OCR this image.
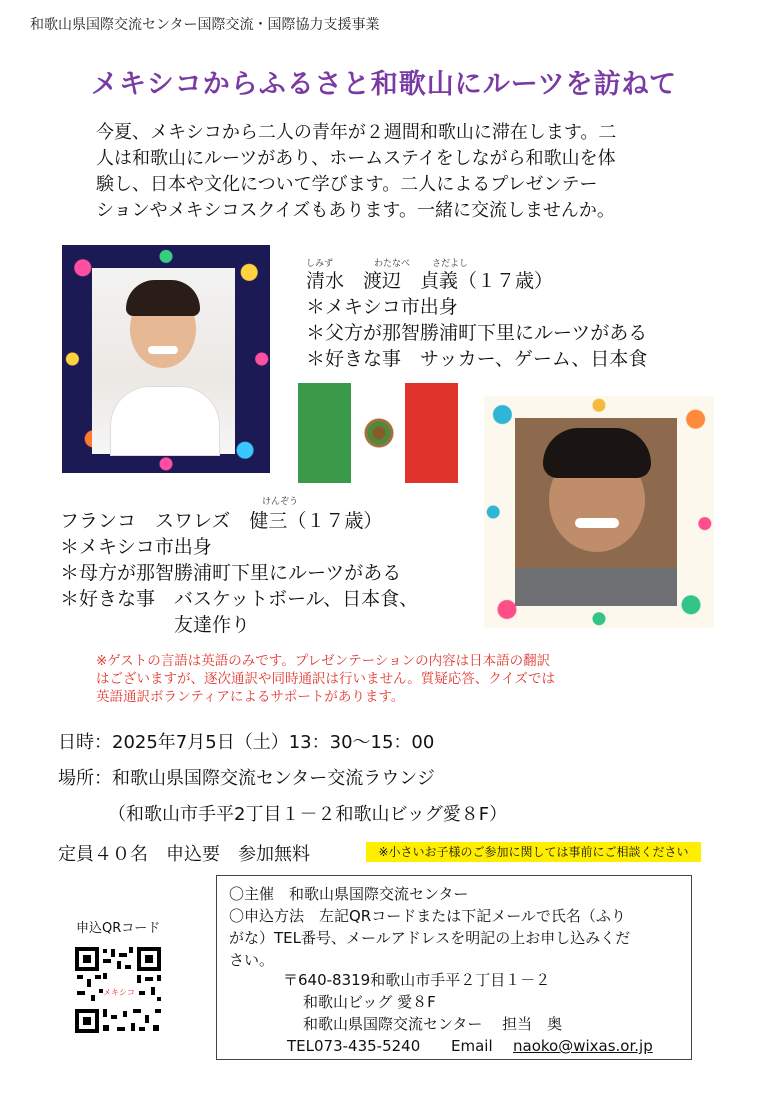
和歌山県国際交流センター国際交流・国際協力支援事業
メキシコからふるさと和歌山にルーツを訪ねて
今夏、メキシコから二人の青年が２週間和歌山に滞在します。二
人は和歌山にルーツがあり、ホームステイをしながら和歌山を体
験し、日本や文化について学びます。二人によるプレゼンテー
ションやメキシコスクイズもあります。一緒に交流しませんか。
しみず	わたなべ さだよし
清水　渡辺　貞義（１７歳）
＊メキシコ市出身
＊父方が那智勝浦町下里にルーツがある
＊好きな事　サッカー、ゲーム、日本食
けんぞう
フランコ　スワレズ　健三（１７歳）
＊メキシコ市出身
＊母方が那智勝浦町下里にルーツがある
＊好きな事　バスケットボール、日本食、
　　　　　　友達作り
※ゲストの言語は英語のみです。プレゼンテーションの内容は日本語の翻訳
はございますが、逐次通訳や同時通訳は行いません。質疑応答、クイズでは
英語通訳ボランティアによるサポートがあります。
日時：2025年7月5日（土）13：30～15：00
場所：和歌山県国際交流センター交流ラウンジ
（和歌山市手平2丁目１－２和歌山ビッグ愛８F）
定員４０名　申込要　参加無料	※小さいお子様のご参加に関しては事前にご相談ください
申込QRコード
メキシコ
〇主催　和歌山県国際交流センター
〇申込方法　左記QRコードまたは下記メールで氏名（ふり
がな）TEL番号、メールアドレスを明記の上お申し込みくだ
さい。
〒640-8319和歌山市手平２丁目１－２
和歌山ビッグ 愛８F
和歌山県国際交流センター　 担当　奥
TEL073-435-5240 Email naoko@wixas.or.jp
